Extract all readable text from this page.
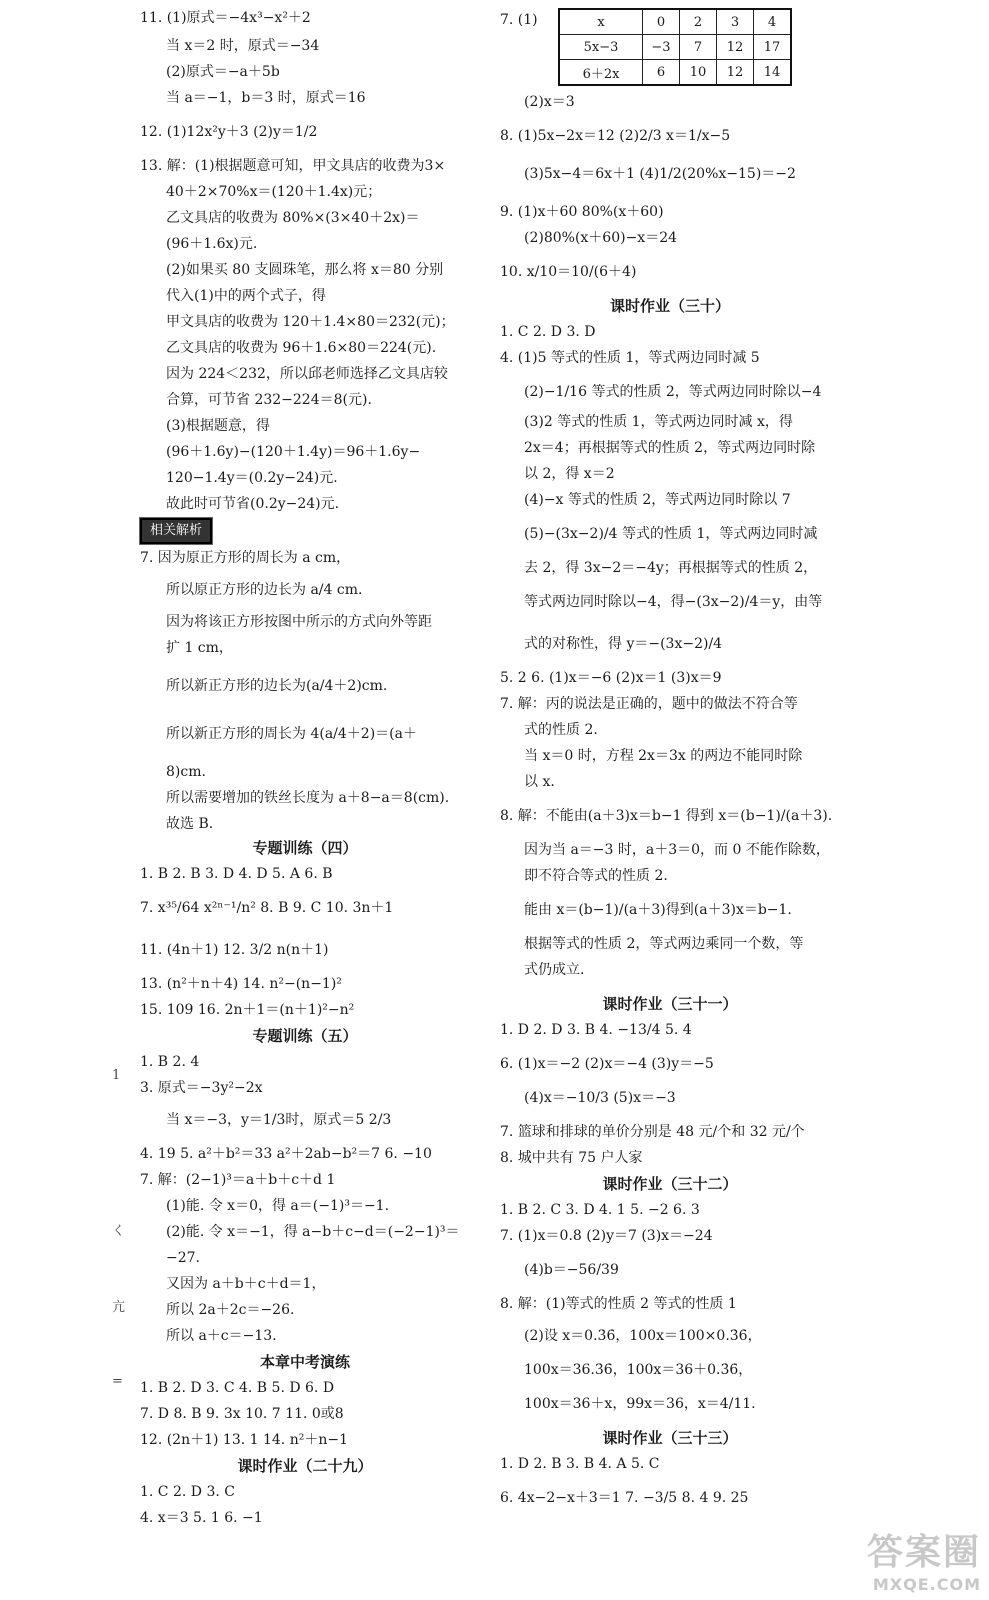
11. (1)原式＝−4x³−x²＋2
当 x＝2 时，原式＝−34
(2)原式＝−a＋5b
当 a＝−1，b＝3 时，原式＝16
12. (1)12x²y＋3 (2)y＝1/2
13. 解：(1)根据题意可知，甲文具店的收费为3×
40＋2×70%x＝(120＋1.4x)元；
乙文具店的收费为 80%×(3×40＋2x)＝
(96＋1.6x)元.
(2)如果买 80 支圆珠笔，那么将 x＝80 分别
代入(1)中的两个式子，得
甲文具店的收费为 120＋1.4×80＝232(元)；
乙文具店的收费为 96＋1.6×80＝224(元).
因为 224＜232，所以邱老师选择乙文具店较
合算，可节省 232−224＝8(元).
(3)根据题意，得
(96＋1.6y)−(120＋1.4y)＝96＋1.6y−
120−1.4y＝(0.2y−24)元.
故此时可节省(0.2y−24)元.
7. 因为原正方形的周长为 a cm，
所以原正方形的边长为 a/4 cm.
因为将该正方形按图中所示的方式向外等距
扩 1 cm，
所以新正方形的边长为(a/4＋2)cm.
所以新正方形的周长为 4(a/4＋2)＝(a＋
8)cm.
所以需要增加的铁丝长度为 a＋8−a＝8(cm).
故选 B.
1. B 2. B 3. D 4. D 5. A 6. B
7. x³⁵/64 x²ⁿ⁻¹/n² 8. B 9. C 10. 3n＋1
11. (4n＋1) 12. 3/2 n(n＋1)
13. (n²＋n＋4) 14. n²−(n−1)²
15. 109 16. 2n＋1＝(n＋1)²−n²
1. B 2. 4
3. 原式＝−3y²−2x
当 x＝−3，y＝1/3时，原式＝5 2/3
4. 19 5. a²＋b²＝33 a²＋2ab−b²＝7 6. −10
7. 解：(2−1)³＝a＋b＋c＋d 1
(1)能. 令 x＝0，得 a＝(−1)³＝−1.
(2)能. 令 x＝−1，得 a−b＋c−d＝(−2−1)³＝
−27.
又因为 a＋b＋c＋d＝1，
所以 2a＋2c＝−26.
所以 a＋c＝−13.
1. B 2. D 3. C 4. B 5. D 6. D
7. D 8. B 9. 3x 10. 7 11. 0或8
12. (2n＋1) 13. 1 14. n²＋n−1
1. C 2. D 3. C
4. x＝3 5. 1 6. −1
专题训练（四）
专题训练（五）
本章中考演练
课时作业（二十九）
相关解析
x	0	2	3	4
5x−3	−3	7	12	17
6＋2x	6	10	12	14
7. (1)
(2)x＝3
8. (1)5x−2x＝12 (2)2/3 x＝1/x−5
(3)5x−4＝6x＋1 (4)1/2(20%x−15)＝−2
9. (1)x＋60 80%(x＋60)
(2)80%(x＋60)−x＝24
10. x/10＝10/(6＋4)
1. C 2. D 3. D
4. (1)5 等式的性质 1，等式两边同时减 5
(2)−1/16 等式的性质 2，等式两边同时除以−4
(3)2 等式的性质 1，等式两边同时减 x，得
2x＝4；再根据等式的性质 2，等式两边同时除
以 2，得 x＝2
(4)−x 等式的性质 2，等式两边同时除以 7
(5)−(3x−2)/4 等式的性质 1，等式两边同时减
去 2，得 3x−2＝−4y；再根据等式的性质 2，
等式两边同时除以−4，得−(3x−2)/4＝y，由等
式的对称性，得 y＝−(3x−2)/4
5. 2 6. (1)x＝−6 (2)x＝1 (3)x＝9
7. 解：丙的说法是正确的，题中的做法不符合等
式的性质 2.
当 x＝0 时，方程 2x＝3x 的两边不能同时除
以 x.
8. 解：不能由(a＋3)x＝b−1 得到 x＝(b−1)/(a＋3).
因为当 a＝−3 时，a＋3＝0，而 0 不能作除数，
即不符合等式的性质 2.
能由 x＝(b−1)/(a＋3)得到(a＋3)x＝b−1.
根据等式的性质 2，等式两边乘同一个数，等
式仍成立.
1. D 2. D 3. B 4. −13/4 5. 4
6. (1)x＝−2 (2)x＝−4 (3)y＝−5
(4)x＝−10/3 (5)x＝−3
7. 篮球和排球的单价分别是 48 元/个和 32 元/个
8. 城中共有 75 户人家
1. B 2. C 3. D 4. 1 5. −2 6. 3
7. (1)x＝0.8 (2)y＝7 (3)x＝−24
(4)b＝−56/39
8. 解：(1)等式的性质 2 等式的性质 1
(2)设 x＝0.3̇6̇，100x＝100×0.3̇6̇，
100x＝36.3̇6̇，100x＝36＋0.3̇6̇，
100x＝36＋x，99x＝36，x＝4/11.
1. D 2. B 3. B 4. A 5. C
6. 4x−2−x＋3＝1 7. −3/5 8. 4 9. 25
课时作业（三十）
课时作业（三十一）
课时作业（三十二）
课时作业（三十三）
1
く
亢
=
答案圈
MXQE.COM
